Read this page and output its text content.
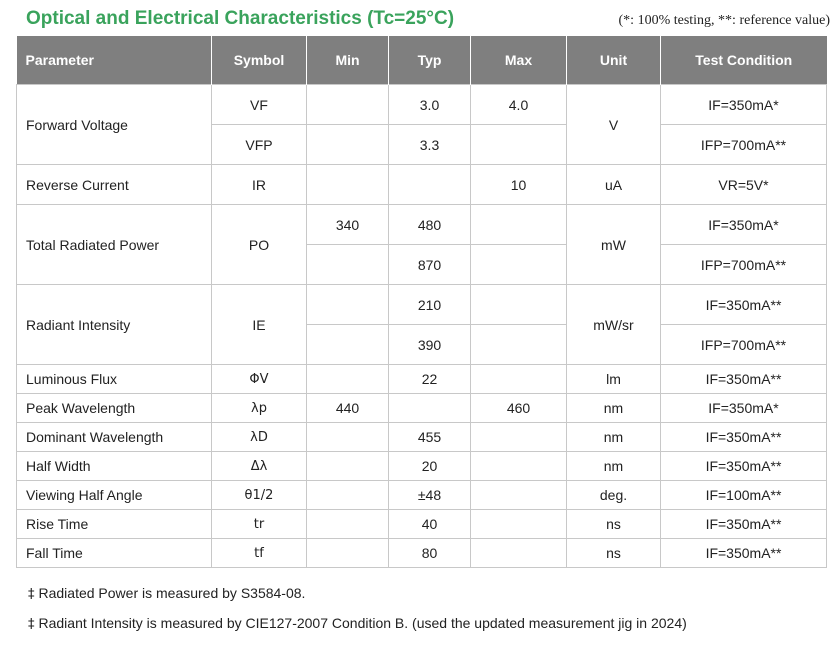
Optical and Electrical Characteristics (Tc=25°C)	(*: 100% testing, **: reference value)
Parameter	Symbol	Min	Typ	Max	Unit	Test Condition
Forward Voltage	VF		3.0	4.0	V	IF=350mA*
	VFP		3.3			IFP=700mA**
Reverse Current	IR			10	uA	VR=5V*
Total Radiated Power	PO	340	480		mW	IF=350mA*
			870			IFP=700mA**
Radiant Intensity	IE		210		mW/sr	IF=350mA**
			390			IFP=700mA**
Luminous Flux	ΦV		22		lm	IF=350mA**
Peak Wavelength	λp	440		460	nm	IF=350mA*
Dominant Wavelength	λD		455		nm	IF=350mA**
Half Width	Δλ		20		nm	IF=350mA**
Viewing Half Angle	θ1/2		±48		deg.	IF=100mA**
Rise Time	tr		40		ns	IF=350mA**
Fall Time	tf		80		ns	IF=350mA**
‡ Radiated Power is measured by S3584-08.
‡ Radiant Intensity is measured by CIE127-2007 Condition B. (used the updated measurement jig in 2024)
